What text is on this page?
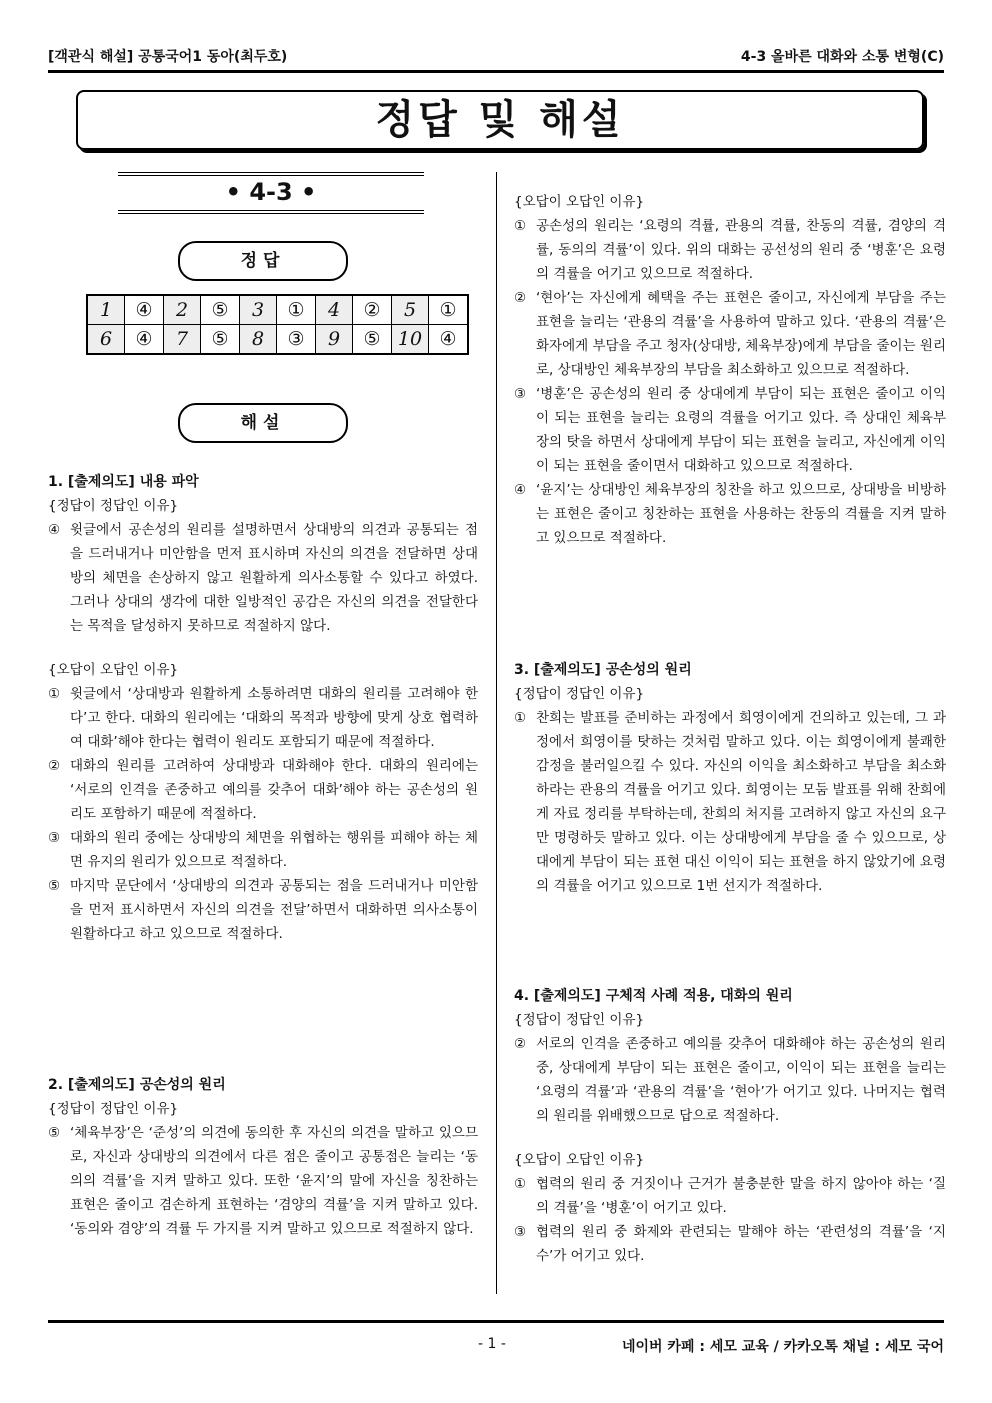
[객관식 해설] 공통국어1 동아(최두호)	4-3 올바른 대화와 소통 변형(C)
정답 및 해설
• 4-3 •
정답
1	④	2	⑤	3	①	4	②	5	①
6	④	7	⑤	8	③	9	⑤	10	④
해설
1. [출제의도] 내용 파악

{정답이 정답인 이유}

④ 윗글에서 공손성의 원리를 설명하면서 상대방의 의견과 공통되는 점을 드러내거나 미안함을 먼저 표시하며 자신의 의견을 전달하면 상대방의 체면을 손상하지 않고 원활하게 의사소통할 수 있다고 하였다. 그러나 상대의 생각에 대한 일방적인 공감은 자신의 의견을 전달한다는 목적을 달성하지 못하므로 적절하지 않다.

{오답이 오답인 이유}

① 윗글에서 ‘상대방과 원활하게 소통하려면 대화의 원리를 고려해야 한다’고 한다. 대화의 원리에는 ‘대화의 목적과 방향에 맞게 상호 협력하여 대화’해야 한다는 협력이 원리도 포함되기 때문에 적절하다.

② 대화의 원리를 고려하여 상대방과 대화해야 한다. 대화의 원리에는 ‘서로의 인격을 존중하고 예의를 갖추어 대화’해야 하는 공손성의 원리도 포함하기 때문에 적절하다.

③ 대화의 원리 중에는 상대방의 체면을 위협하는 행위를 피해야 하는 체면 유지의 원리가 있으므로 적절하다.

⑤ 마지막 문단에서 ‘상대방의 의견과 공통되는 점을 드러내거나 미안함을 먼저 표시하면서 자신의 의견을 전달’하면서 대화하면 의사소통이 원활하다고 하고 있으므로 적절하다.

2. [출제의도] 공손성의 원리

{정답이 정답인 이유}

⑤ ‘체육부장’은 ‘준성’의 의견에 동의한 후 자신의 의견을 말하고 있으므로, 자신과 상대방의 의견에서 다른 점은 줄이고 공통점은 늘리는 ‘동의의 격률’을 지켜 말하고 있다. 또한 ‘윤지’의 말에 자신을 칭찬하는 표현은 줄이고 겸손하게 표현하는 ‘겸양의 격률’을 지켜 말하고 있다. ‘동의와 겸양’의 격률 두 가지를 지켜 말하고 있으므로 적절하지 않다.

{오답이 오답인 이유}

① 공손성의 원리는 ‘요령의 격률, 관용의 격률, 찬동의 격률, 겸양의 격률, 동의의 격률’이 있다. 위의 대화는 공선성의 원리 중 ‘병훈’은 요령의 격률을 어기고 있으므로 적절하다.

② ‘현아’는 자신에게 혜택을 주는 표현은 줄이고, 자신에게 부담을 주는 표현을 늘리는 ‘관용의 격률’을 사용하여 말하고 있다. ‘관용의 격률’은 화자에게 부담을 주고 청자(상대방, 체육부장)에게 부담을 줄이는 원리로, 상대방인 체육부장의 부담을 최소화하고 있으므로 적절하다.

③ ‘병훈’은 공손성의 원리 중 상대에게 부담이 되는 표현은 줄이고 이익이 되는 표현을 늘리는 요령의 격률을 어기고 있다. 즉 상대인 체육부장의 탓을 하면서 상대에게 부담이 되는 표현을 늘리고, 자신에게 이익이 되는 표현을 줄이면서 대화하고 있으므로 적절하다.

④ ‘윤지’는 상대방인 체육부장의 칭찬을 하고 있으므로, 상대방을 비방하는 표현은 줄이고 칭찬하는 표현을 사용하는 찬동의 격률을 지켜 말하고 있으므로 적절하다.

3. [출제의도] 공손성의 원리

{정답이 정답인 이유}

① 찬희는 발표를 준비하는 과정에서 희영이에게 건의하고 있는데, 그 과정에서 희영이를 탓하는 것처럼 말하고 있다. 이는 희영이에게 불쾌한 감정을 불러일으킬 수 있다. 자신의 이익을 최소화하고 부담을 최소화하라는 관용의 격률을 어기고 있다. 희영이는 모둠 발표를 위해 찬희에게 자료 정리를 부탁하는데, 찬희의 처지를 고려하지 않고 자신의 요구만 명령하듯 말하고 있다. 이는 상대방에게 부담을 줄 수 있으므로, 상대에게 부담이 되는 표현 대신 이익이 되는 표현을 하지 않았기에 요령의 격률을 어기고 있으므로 1번 선지가 적절하다.

4. [출제의도] 구체적 사례 적용, 대화의 원리

{정답이 정답인 이유}

② 서로의 인격을 존중하고 예의를 갖추어 대화해야 하는 공손성의 원리 중, 상대에게 부담이 되는 표현은 줄이고, 이익이 되는 표현을 늘리는 ‘요령의 격률’과 ‘관용의 격률’을 ‘현아’가 어기고 있다. 나머지는 협력의 원리를 위배했으므로 답으로 적절하다.

{오답이 오답인 이유}

① 협력의 원리 중 거짓이나 근거가 불충분한 말을 하지 않아야 하는 ‘질의 격률’을 ‘병훈’이 어기고 있다.

③ 협력의 원리 중 화제와 관련되는 말해야 하는 ‘관련성의 격률’을 ‘지수’가 어기고 있다.

- 1 -	네이버 카페 : 세모 교육 / 카카오톡 채널 : 세모 국어
